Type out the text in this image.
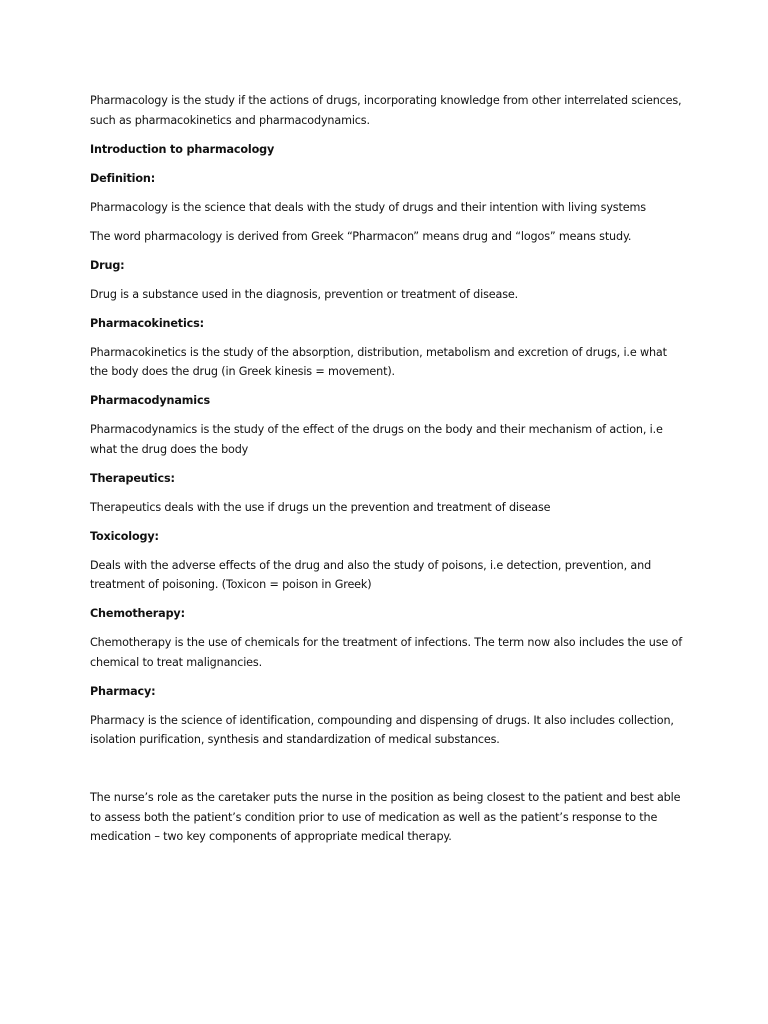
Pharmacology is the study if the actions of drugs, incorporating knowledge from other interrelated sciences, such as pharmacokinetics and pharmacodynamics.

Introduction to pharmacology

Definition:

Pharmacology is the science that deals with the study of drugs and their intention with living systems

The word pharmacology is derived from Greek “Pharmacon” means drug and “logos” means study.

Drug:

Drug is a substance used in the diagnosis, prevention or treatment of disease.

Pharmacokinetics:

Pharmacokinetics is the study of the absorption, distribution, metabolism and excretion of drugs, i.e what the body does the drug (in Greek kinesis = movement).

Pharmacodynamics

Pharmacodynamics is the study of the effect of the drugs on the body and their mechanism of action, i.e what the drug does the body

Therapeutics:

Therapeutics deals with the use if drugs un the prevention and treatment of disease

Toxicology:

Deals with the adverse effects of the drug and also the study of poisons, i.e detection, prevention, and treatment of poisoning. (Toxicon = poison in Greek)

Chemotherapy:

Chemotherapy is the use of chemicals for the treatment of infections. The term now also includes the use of chemical to treat malignancies.

Pharmacy:

Pharmacy is the science of identification, compounding and dispensing of drugs. It also includes collection, isolation purification, synthesis and standardization of medical substances.

The nurse’s role as the caretaker puts the nurse in the position as being closest to the patient and best able to assess both the patient’s condition prior to use of medication as well as the patient’s response to the medication – two key components of appropriate medical therapy.
